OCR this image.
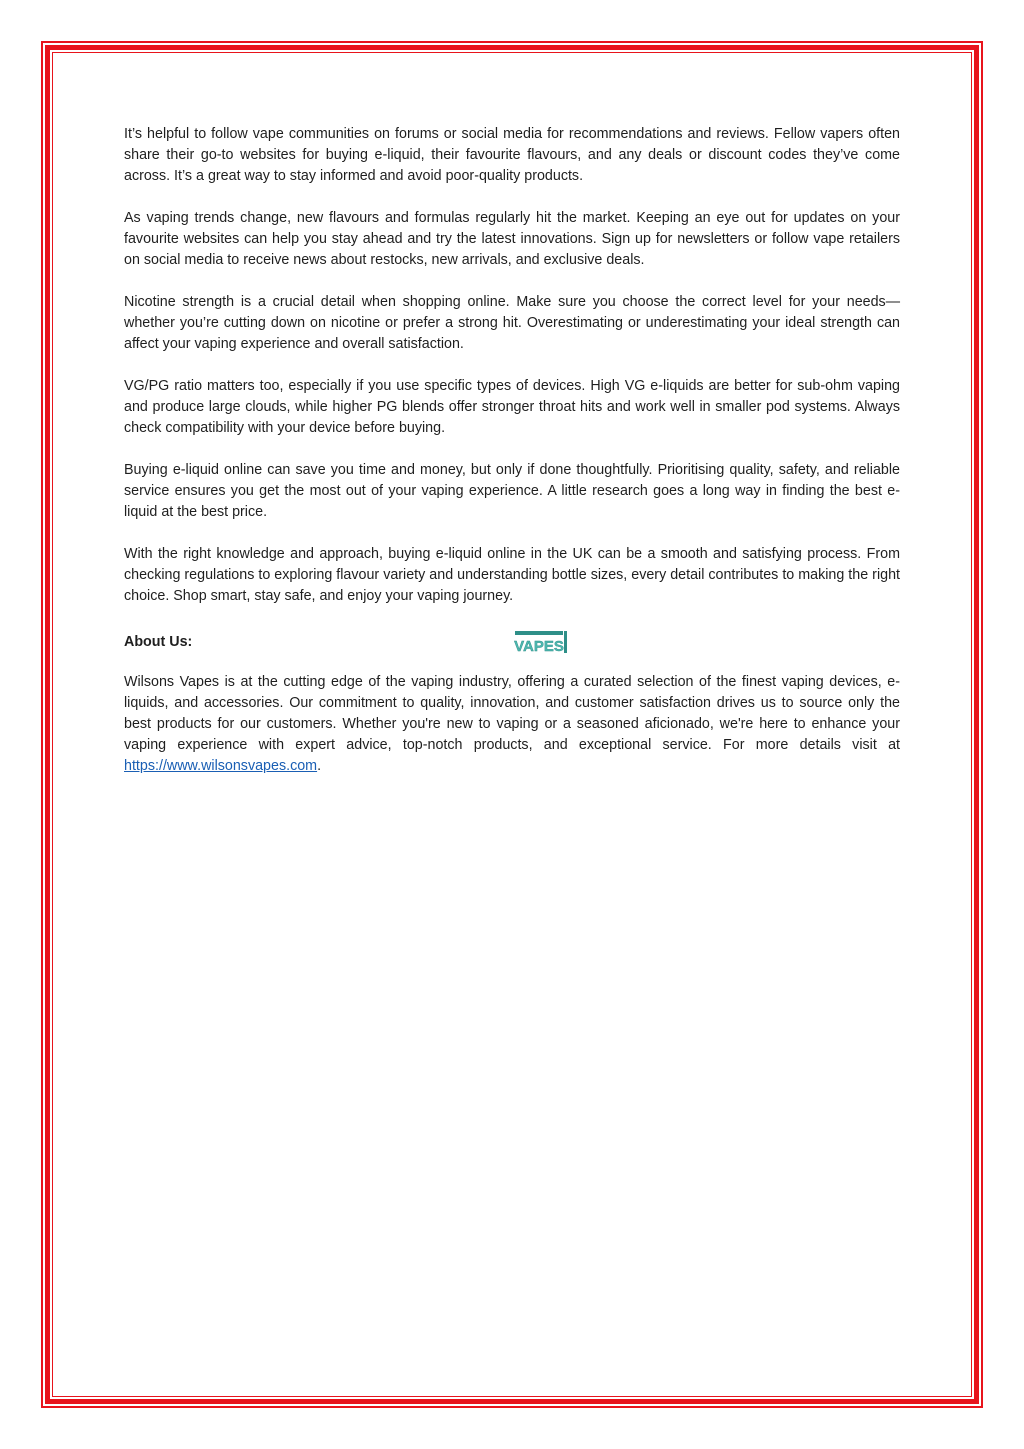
It’s helpful to follow vape communities on forums or social media for recommendations and reviews. Fellow vapers often share their go-to websites for buying e-liquid, their favourite flavours, and any deals or discount codes they’ve come across. It’s a great way to stay informed and avoid poor-quality products.

As vaping trends change, new flavours and formulas regularly hit the market. Keeping an eye out for updates on your favourite websites can help you stay ahead and try the latest innovations. Sign up for newsletters or follow vape retailers on social media to receive news about restocks, new arrivals, and exclusive deals.

Nicotine strength is a crucial detail when shopping online. Make sure you choose the correct level for your needs—whether you’re cutting down on nicotine or prefer a strong hit. Overestimating or underestimating your ideal strength can affect your vaping experience and overall satisfaction.

VG/PG ratio matters too, especially if you use specific types of devices. High VG e-liquids are better for sub-ohm vaping and produce large clouds, while higher PG blends offer stronger throat hits and work well in smaller pod systems. Always check compatibility with your device before buying.

Buying e-liquid online can save you time and money, but only if done thoughtfully. Prioritising quality, safety, and reliable service ensures you get the most out of your vaping experience. A little research goes a long way in finding the best e-liquid at the best price.

With the right knowledge and approach, buying e-liquid online in the UK can be a smooth and satisfying process. From checking regulations to exploring flavour variety and understanding bottle sizes, every detail contributes to making the right choice. Shop smart, stay safe, and enjoy your vaping journey.

About Us:	VAPES

Wilsons Vapes is at the cutting edge of the vaping industry, offering a curated selection of the finest vaping devices, e-liquids, and accessories. Our commitment to quality, innovation, and customer satisfaction drives us to source only the best products for our customers. Whether you're new to vaping or a seasoned aficionado, we're here to enhance your vaping experience with expert advice, top-notch products, and exceptional service. For more details visit at https://www.wilsonsvapes.com.
